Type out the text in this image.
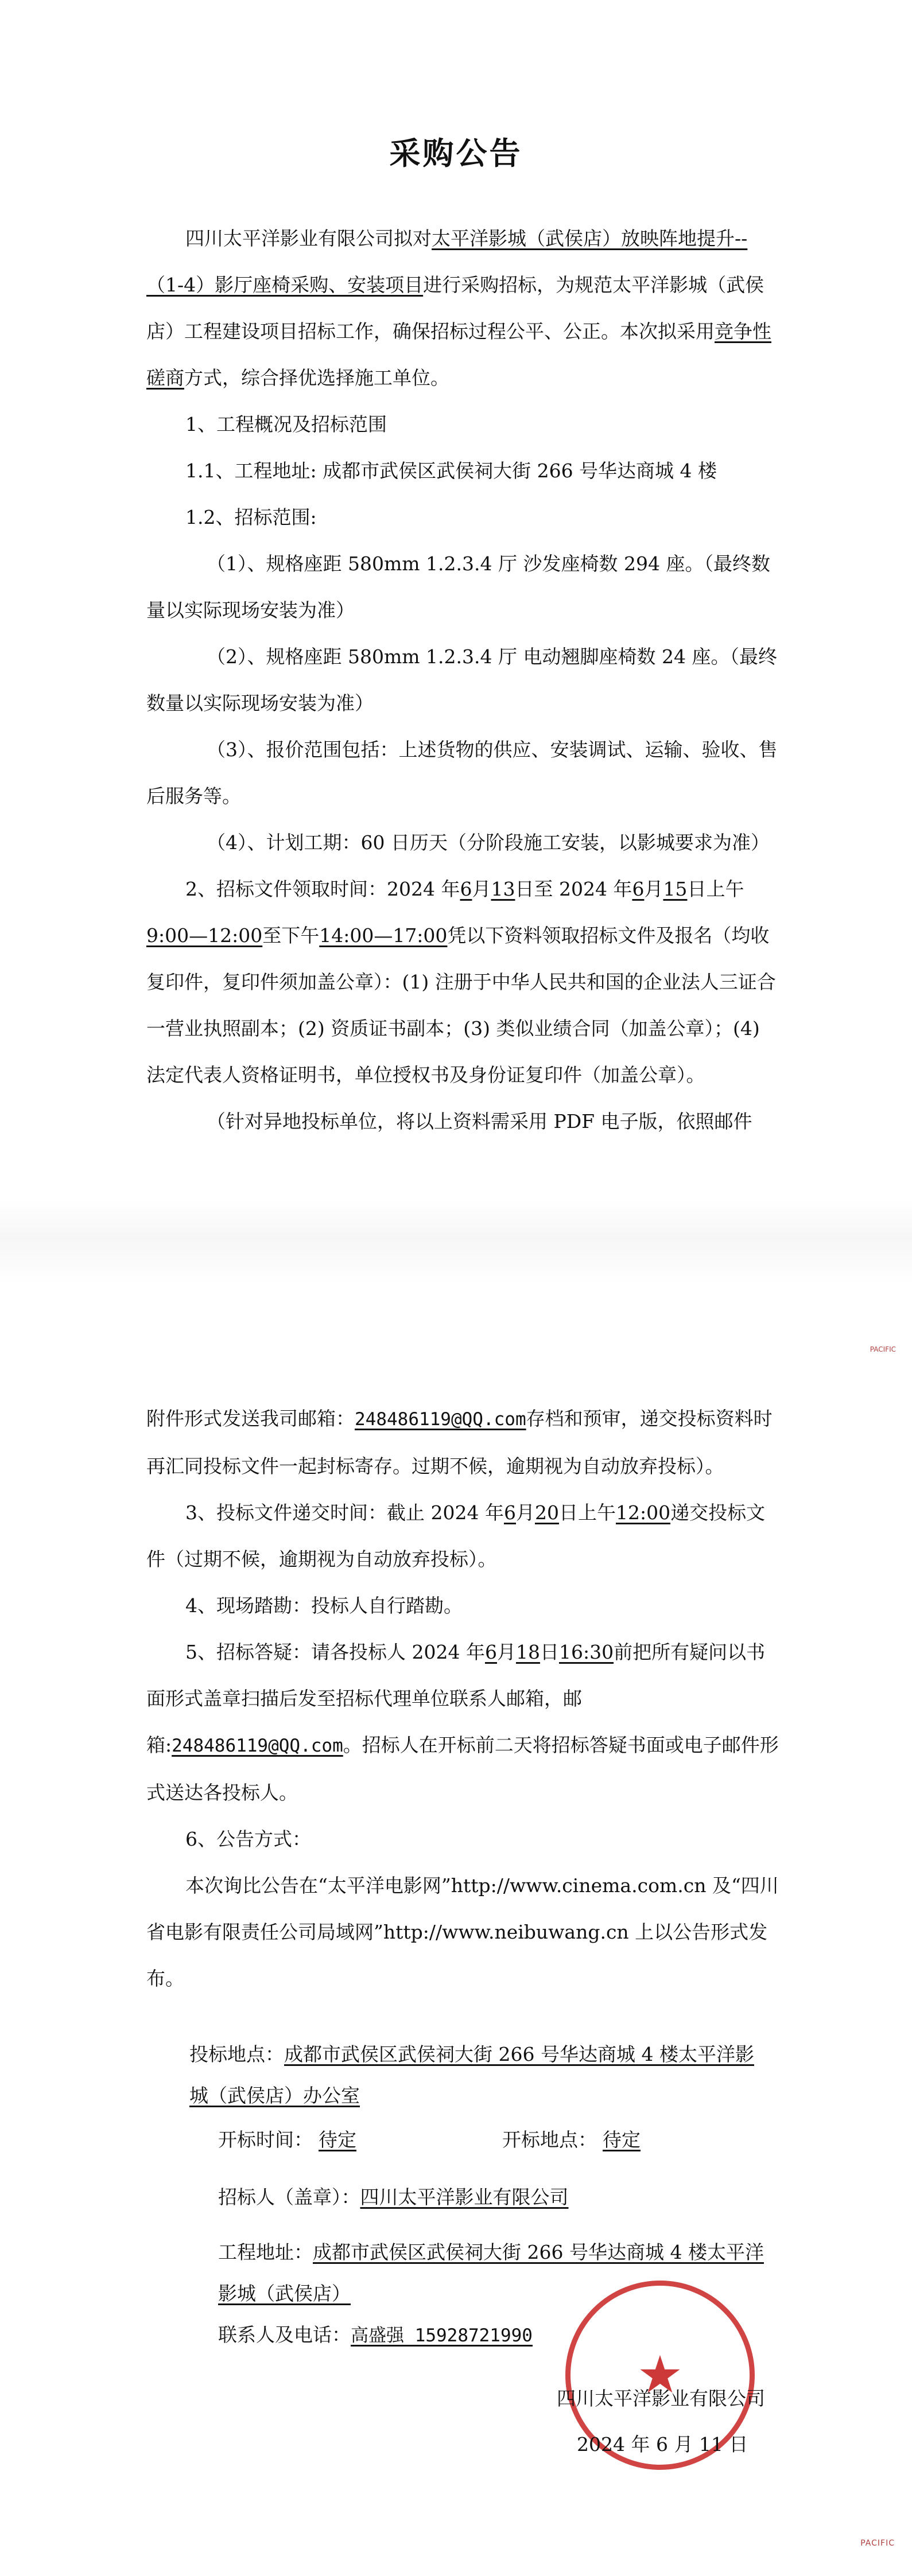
采购公告

四川太平洋影业有限公司拟对太平洋影城（武侯店）放映阵地提升--（1-4）影厅座椅采购、安装项目进行采购招标，为规范太平洋影城（武侯店）工程建设项目招标工作，确保招标过程公平、公正。本次拟采用竞争性磋商方式，综合择优选择施工单位。

1、工程概况及招标范围

1.1、工程地址: 成都市武侯区武侯祠大街 266 号华达商城 4 楼

1.2、招标范围:

（1）、规格座距 580mm 1.2.3.4 厅 沙发座椅数 294 座。（最终数量以实际现场安装为准）

（2）、规格座距 580mm 1.2.3.4 厅 电动翘脚座椅数 24 座。（最终数量以实际现场安装为准）

（3）、报价范围包括：上述货物的供应、安装调试、运输、验收、售后服务等。

（4）、计划工期：60 日历天（分阶段施工安装，以影城要求为准）

2、招标文件领取时间：2024 年6月13日至 2024 年6月15日上午9:00—12:00至下午14:00—17:00凭以下资料领取招标文件及报名（均收复印件，复印件须加盖公章）：(1) 注册于中华人民共和国的企业法人三证合一营业执照副本；(2) 资质证书副本；(3) 类似业绩合同（加盖公章）；(4) 法定代表人资格证明书，单位授权书及身份证复印件（加盖公章）。

（针对异地投标单位，将以上资料需采用 PDF 电子版，依照邮件

PACIFIC

附件形式发送我司邮箱：248486119@QQ.com存档和预审，递交投标资料时再汇同投标文件一起封标寄存。过期不候，逾期视为自动放弃投标）。

3、投标文件递交时间：截止 2024 年6月20日上午12:00递交投标文件（过期不候，逾期视为自动放弃投标）。

4、现场踏勘：投标人自行踏勘。

5、招标答疑：请各投标人 2024 年6月18日16:30前把所有疑问以书面形式盖章扫描后发至招标代理单位联系人邮箱，邮箱:248486119@QQ.com。招标人在开标前二天将招标答疑书面或电子邮件形式送达各投标人。

6、公告方式：

本次询比公告在“太平洋电影网”http://www.cinema.com.cn 及“四川省电影有限责任公司局域网”http://www.neibuwang.cn 上以公告形式发布。

投标地点：成都市武侯区武侯祠大街 266 号华达商城 4 楼太平洋影城（武侯店）办公室

开标时间： 待定	开标地点： 待定
招标人（盖章）：四川太平洋影业有限公司

工程地址：成都市武侯区武侯祠大街 266 号华达商城 4 楼太平洋影城（武侯店）

联系人及电话：高盛强 15928721990
★
四川太平洋影业有限公司
2024 年 6 月 11 日
PACIFIC
